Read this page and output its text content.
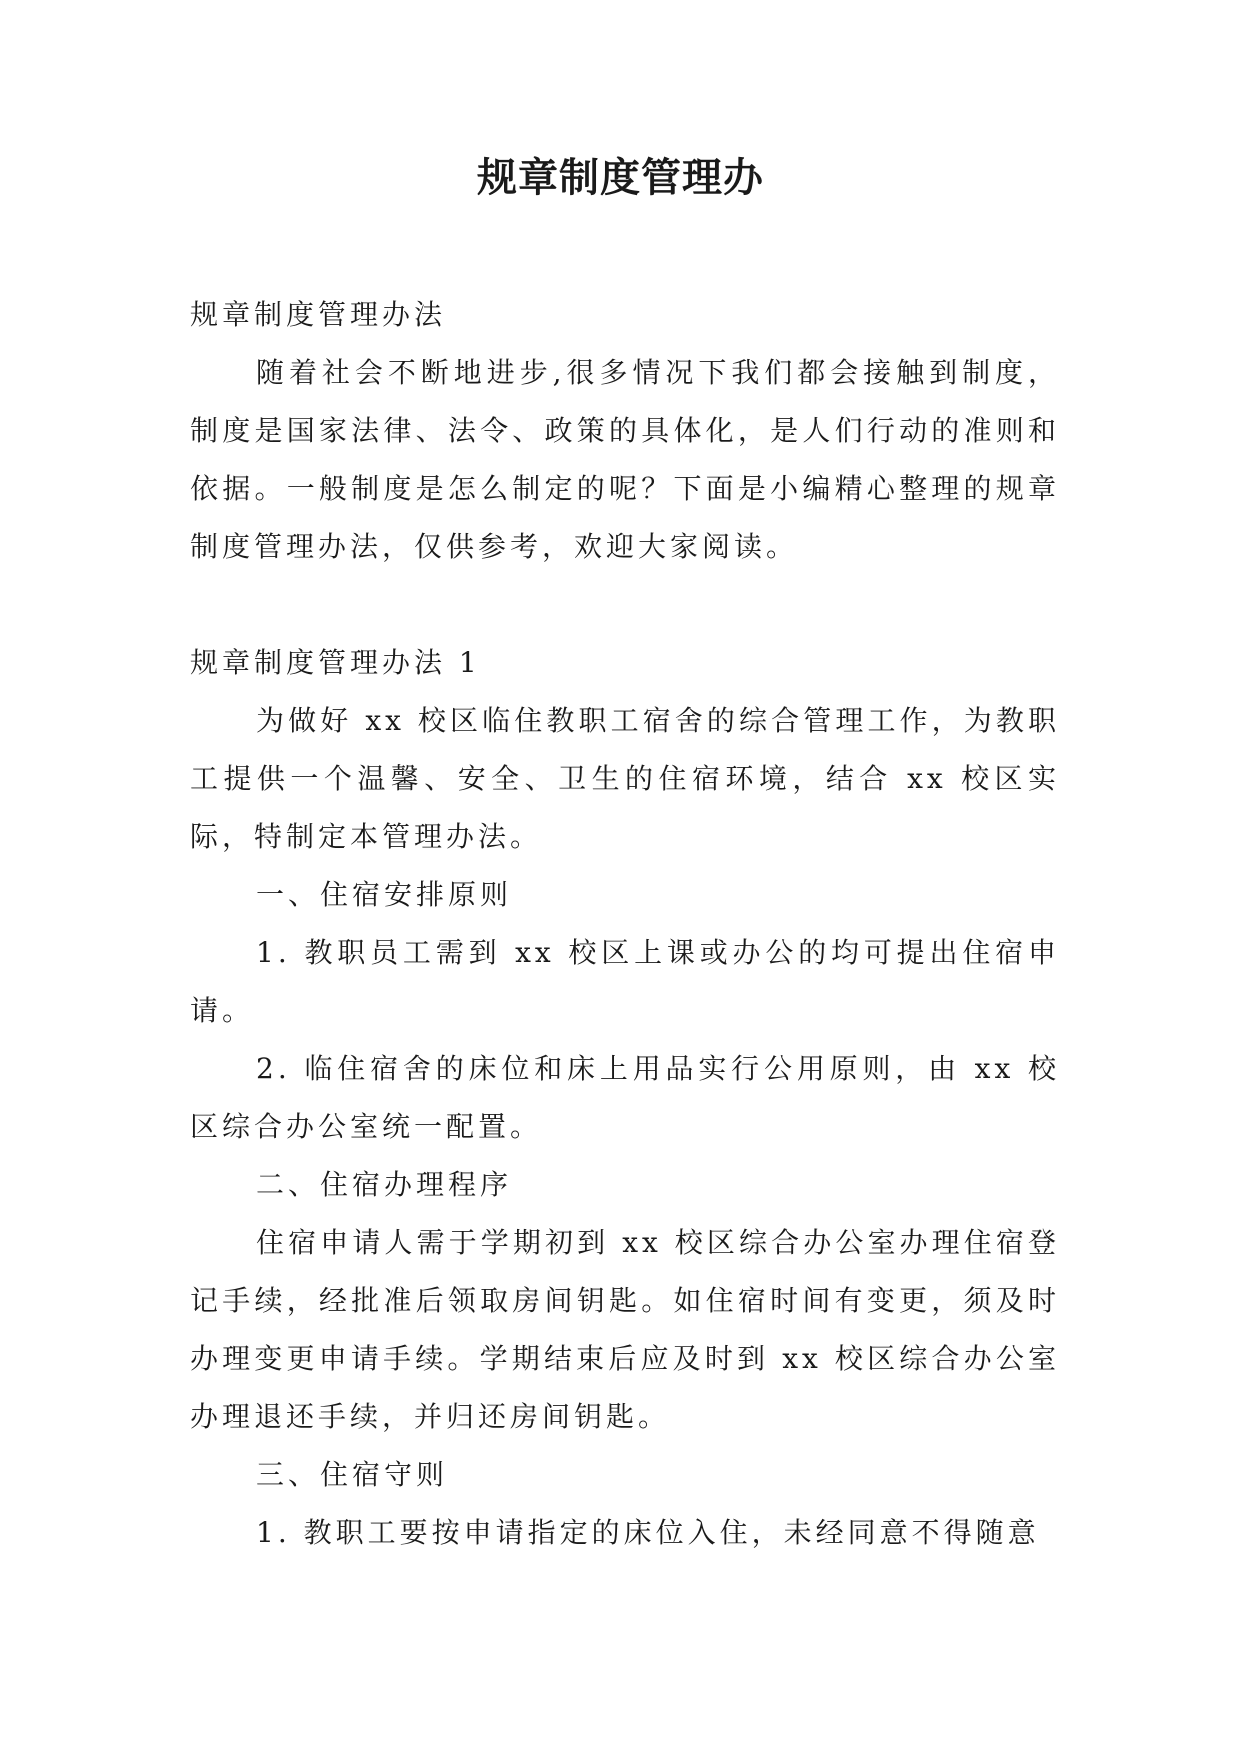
规章制度管理办

规章制度管理办法

随着社会不断地进步,很多情况下我们都会接触到制度，制度是国家法律、法令、政策的具体化，是人们行动的准则和依据。一般制度是怎么制定的呢？下面是小编精心整理的规章制度管理办法，仅供参考，欢迎大家阅读。

规章制度管理办法 1

为做好 xx 校区临住教职工宿舍的综合管理工作，为教职工提供一个温馨、安全、卫生的住宿环境，结合 xx 校区实际，特制定本管理办法。

一、住宿安排原则

1. 教职员工需到 xx 校区上课或办公的均可提出住宿申请。

2. 临住宿舍的床位和床上用品实行公用原则，由 xx 校区综合办公室统一配置。

二、住宿办理程序

住宿申请人需于学期初到 xx 校区综合办公室办理住宿登记手续，经批准后领取房间钥匙。如住宿时间有变更，须及时办理变更申请手续。学期结束后应及时到 xx 校区综合办公室办理退还手续，并归还房间钥匙。

三、住宿守则

1. 教职工要按申请指定的床位入住，未经同意不得随意
